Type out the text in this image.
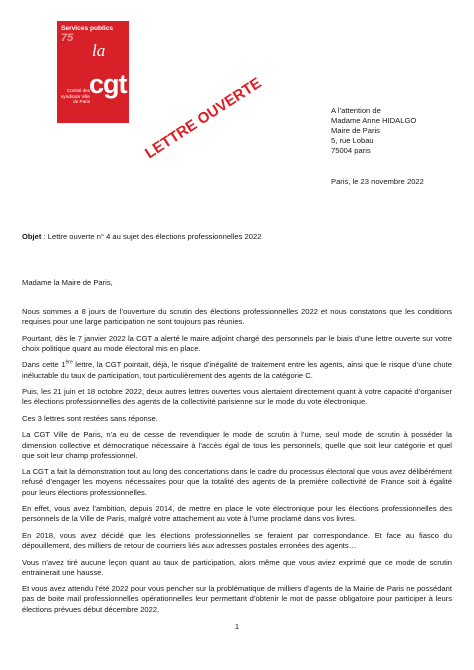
Services publics
75
la
Comité des syndicats Ville de Paris
cgt LETTRE OUVERTE	A l’attention de
Madame Anne HIDALGO
Maire de Paris
5, rue Lobau
75004 paris
Paris, le 23 novembre 2022
Objet : Lettre ouverte n° 4 au sujet des élections professionnelles 2022
Madame la Maire de Paris,

Nous sommes a 8 jours de l’ouverture du scrutin des élections professionnelles 2022 et nous constatons que les conditions requises pour une large participation ne sont toujours pas réunies.

Pourtant, dès le 7 janvier 2022 la CGT a alerté le maire adjoint chargé des personnels par le biais d’une lettre ouverte sur votre choix politique quant au mode électoral mis en place.

Dans cette 1ère lettre, la CGT pointait, déjà, le risque d’inégalité de traitement entre les agents, ainsi que le risque d’une chute inéluctable du taux de participation, tout particulièrement des agents de la catégorie C.

Puis, les 21 juin et 18 octobre 2022, deux autres lettres ouvertes vous alertaient directement quant à votre capacité d’organiser les élections professionnelles des agents de la collectivité parisienne sur le mode du vote électronique.

Ces 3 lettres sont restées sans réponse.

La CGT Ville de Paris, n’a eu de cesse de revendiquer le mode de scrutin à l’urne, seul mode de scrutin à posséder la dimension collective et démocratique nécessaire à l’accès égal de tous les personnels, quelle que soit leur catégorie et quel que soit leur champ professionnel.

La CGT a fait la démonstration tout au long des concertations dans le cadre du processus électoral que vous avez délibérément refusé d’engager les moyens nécessaires pour que la totalité des agents de la première collectivité de France soit à égalité pour leurs élections professionnelles.

En effet, vous avez l’ambition, depuis 2014, de mettre en place le vote électronique pour les élections professionnelles des personnels de la Ville de Paris, malgré votre attachement au vote à l’urne proclamé dans vos livres.

En 2018, vous avez décidé que les élections professionnelles se feraient par correspondance. Et face au fiasco du dépouillement, des milliers de retour de courriers liés aux adresses postales erronées des agents…

Vous n’avez tiré aucune leçon quant au taux de participation, alors même que vous aviez exprimé que ce mode de scrutin entrainerait une hausse.

Et vous avez attendu l’été 2022 pour vous pencher sur la problématique de milliers d’agents de la Mairie de Paris ne possédant pas de boite mail professionnelles opérationnelles leur permettant d’obtenir le mot de passe obligatoire pour participer à leurs élections prévues début décembre 2022.

1
